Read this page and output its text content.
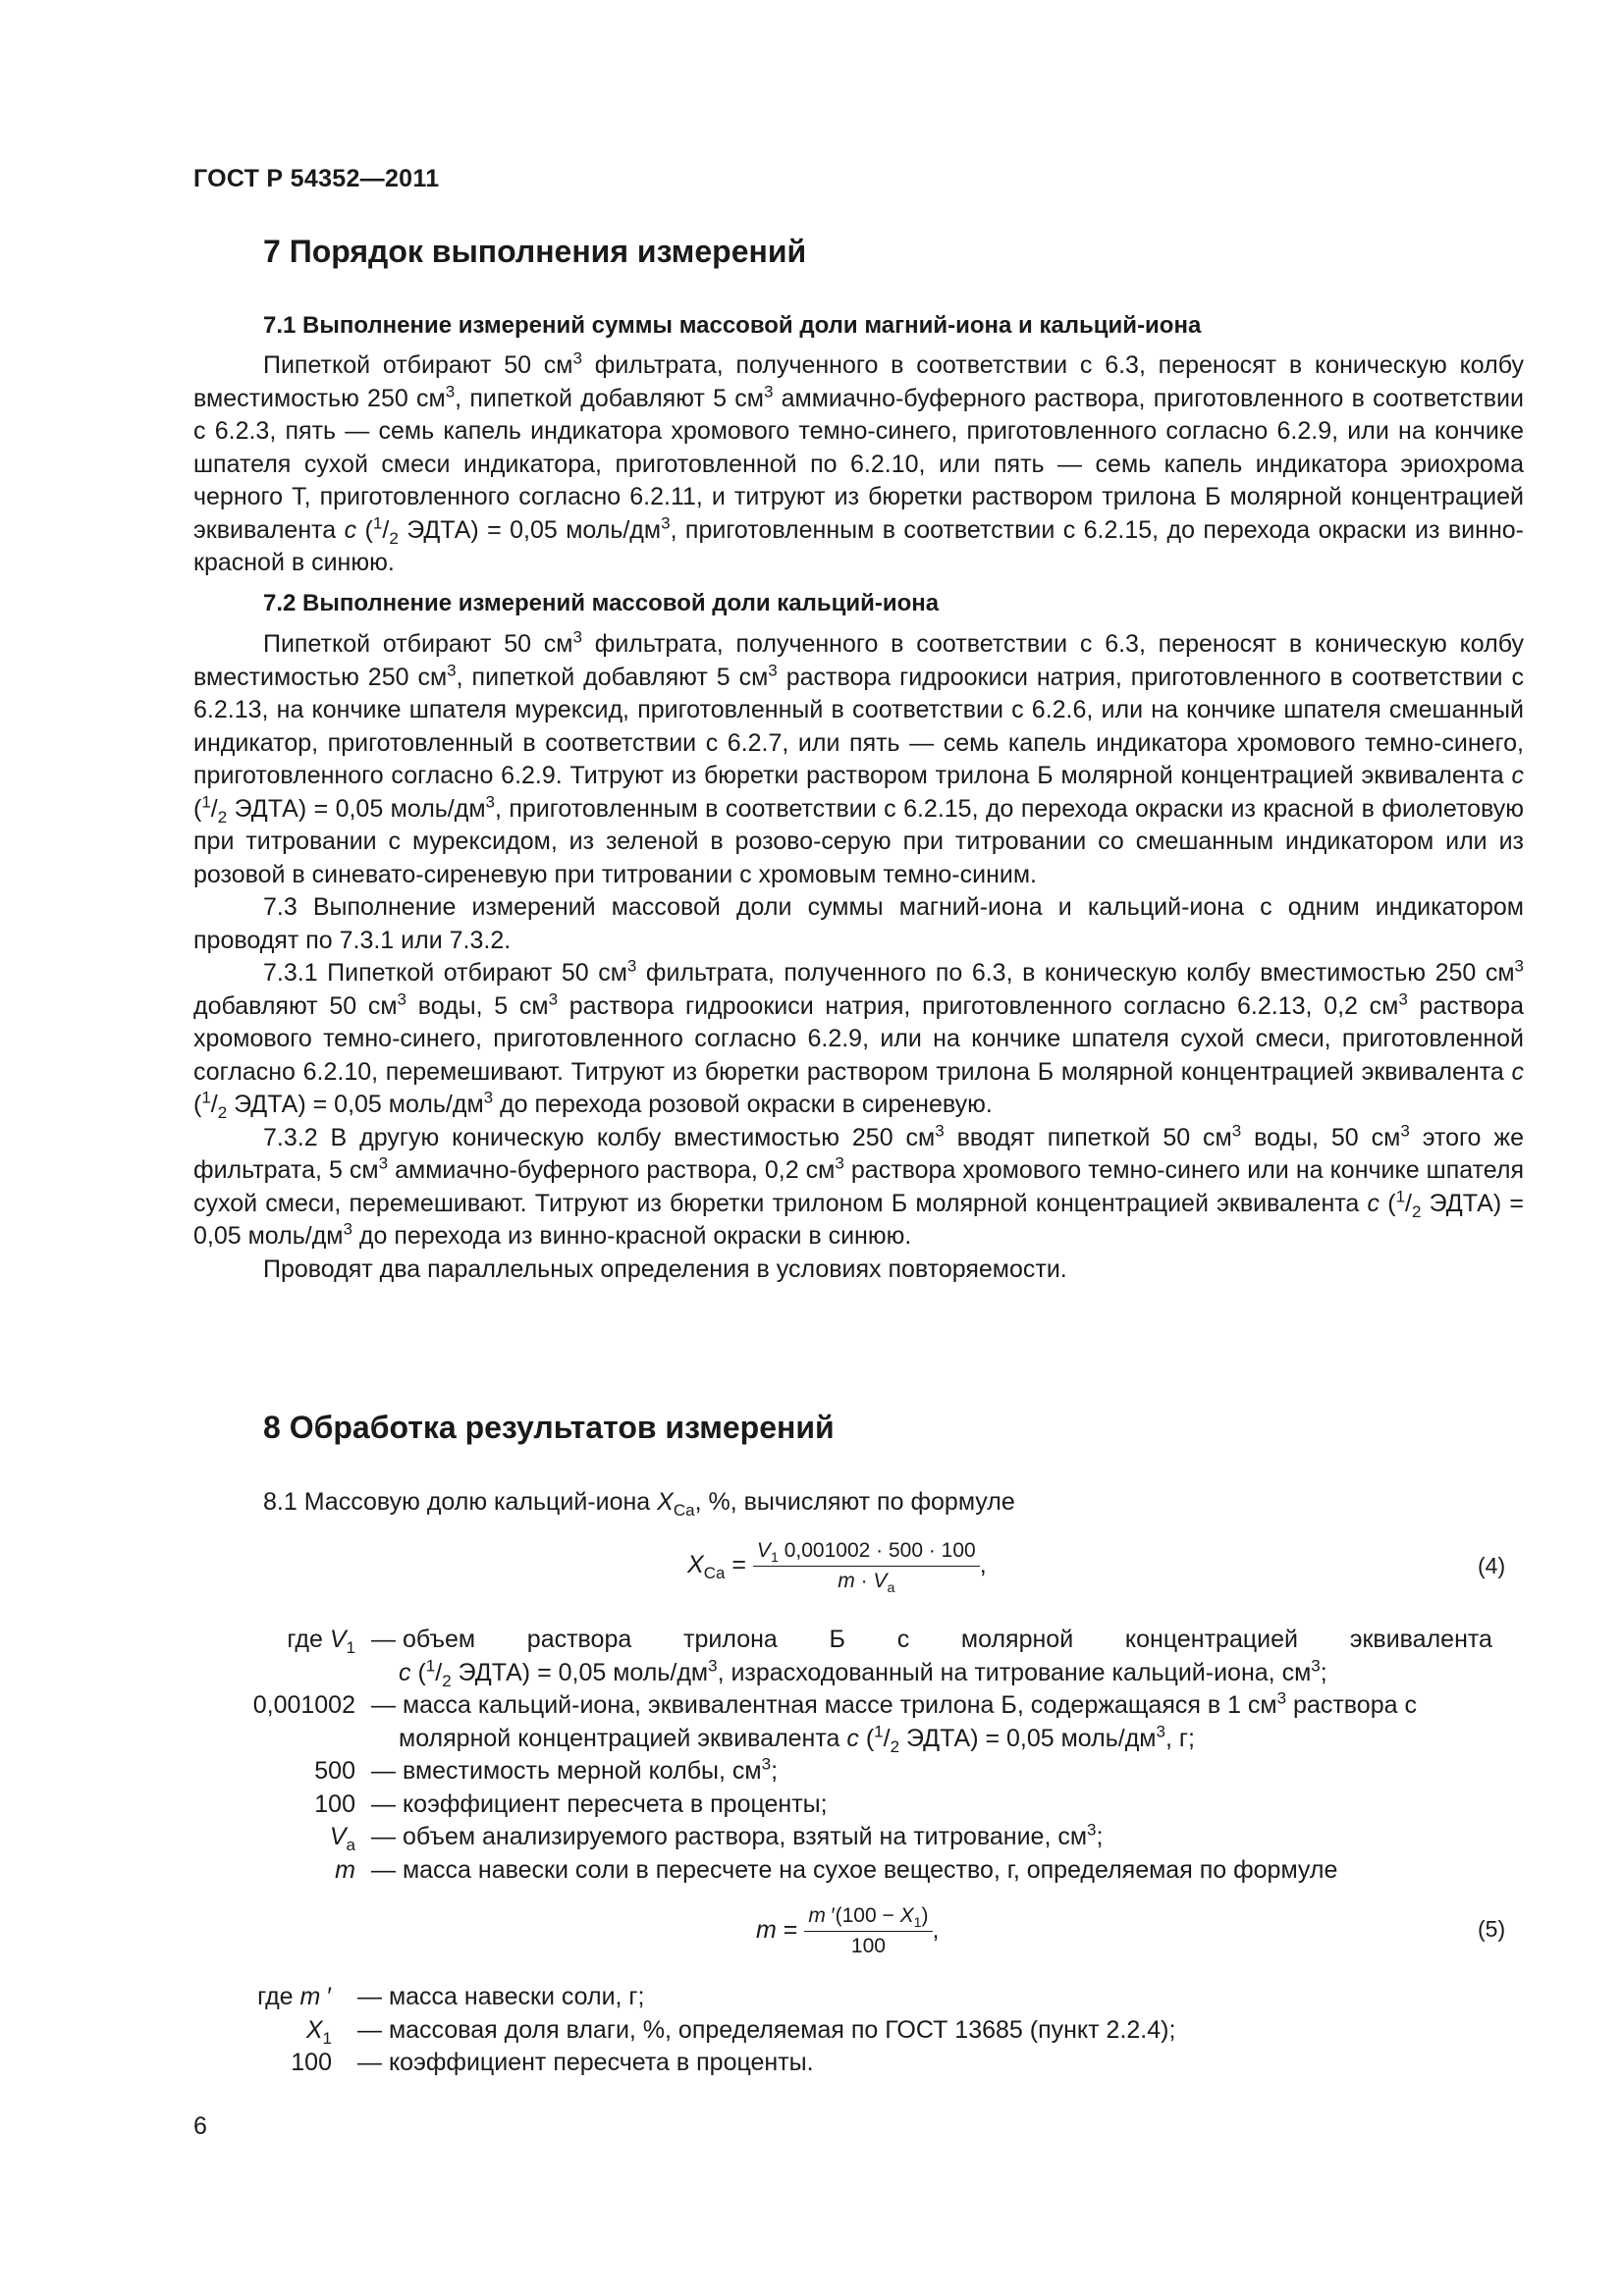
ГОСТ Р 54352—2011
7 Порядок выполнения измерений
7.1 Выполнение измерений суммы массовой доли магний-иона и кальций-иона

Пипеткой отбирают 50 $см^3$ фильтрата, полученного в соответствии с 6.3, переносят в коническую колбу вместимостью 250 $см^3$, пипеткой добавляют 5 $см^3$ аммиачно-буферного раствора, приготовленного в соответствии с 6.2.3, пять — семь капель индикатора хромового темно-синего, приготовленного согласно 6.2.9, или на кончике шпателя сухой смеси индикатора, приготовленной по 6.2.10, или пять — семь капель индикатора эриохрома черного Т, приготовленного согласно 6.2.11, и титруют из бюретки раствором трилона Б молярной концентрацией эквивалента c ($^1/_2$ ЭДТА) = 0,05 моль/$дм^3$, приготовленным в соответствии с 6.2.15, до перехода окраски из винно-красной в синюю.

7.2 Выполнение измерений массовой доли кальций-иона

Пипеткой отбирают 50 $см^3$ фильтрата, полученного в соответствии с 6.3, переносят в коническую колбу вместимостью 250 $см^3$, пипеткой добавляют 5 $см^3$ раствора гидроокиси натрия, приготовленного в соответствии с 6.2.13, на кончике шпателя мурексид, приготовленный в соответствии с 6.2.6, или на кончике шпателя смешанный индикатор, приготовленный в соответствии с 6.2.7, или пять — семь капель индикатора хромового темно-синего, приготовленного согласно 6.2.9. Титруют из бюретки раствором трилона Б молярной концентрацией эквивалента c ($^1/_2$ ЭДТА) = 0,05 моль/$дм^3$, приготовленным в соответствии с 6.2.15, до перехода окраски из красной в фиолетовую при титровании с мурексидом, из зеленой в розово-серую при титровании со смешанным индикатором или из розовой в синевато-сиреневую при титровании с хромовым темно-синим.

7.3 Выполнение измерений массовой доли суммы магний-иона и кальций-иона с одним индикатором проводят по 7.3.1 или 7.3.2.

7.3.1 Пипеткой отбирают 50 $см^3$ фильтрата, полученного по 6.3, в коническую колбу вместимостью 250 $см^3$ добавляют 50 $см^3$ воды, 5 $см^3$ раствора гидроокиси натрия, приготовленного согласно 6.2.13, 0,2 $см^3$ раствора хромового темно-синего, приготовленного согласно 6.2.9, или на кончике шпателя сухой смеси, приготовленной согласно 6.2.10, перемешивают. Титруют из бюретки раствором трилона Б молярной концентрацией эквивалента c ($^1/_2$ ЭДТА) = 0,05 моль/$дм^3$ до перехода розовой окраски в сиреневую.

7.3.2 В другую коническую колбу вместимостью 250 $см^3$ вводят пипеткой 50 $см^3$ воды, 50 $см^3$ этого же фильтрата, 5 $см^3$ аммиачно-буферного раствора, 0,2 $см^3$ раствора хромового темно-синего или на кончике шпателя сухой смеси, перемешивают. Титруют из бюретки трилоном Б молярной концентрацией эквивалента c ($^1/_2$ ЭДТА) = 0,05 моль/$дм^3$ до перехода из винно-красной окраски в синюю.

Проводят два параллельных определения в условиях повторяемости.

8 Обработка результатов измерений

8.1 Массовую долю кальций-иона $X_{Ca}$, %, вычисляют по формуле

$X_{Ca} = \frac{V_1 0,001002 \cdot 500 \cdot 100}{m \cdot V_a}$ ,	(4)
где $V_1$ — объем раствора трилона Б с молярной концентрацией эквивалента
c ($^1/_2$ ЭДТА) = 0,05 моль/$дм^3$, израсходованный на титрование кальций-иона, $см^3$;
0,001002 — масса кальций-иона, эквивалентная массе трилона Б, содержащаяся в 1 $см^3$ раствора с
молярной концентрацией эквивалента c ($^1/_2$ ЭДТА) = 0,05 моль/$дм^3$, г;
500 — вместимость мерной колбы, $см^3$;
100 — коэффициент пересчета в проценты;
$V_а$ — объем анализируемого раствора, взятый на титрование, $см^3$;
m — масса навески соли в пересчете на сухое вещество, г, определяемая по формуле
$m = \frac{m '(100 - X_1)}{100}$ ,	(5)
где m ′ — масса навески соли, г;
$X_1$ — массовая доля влаги, %, определяемая по ГОСТ 13685 (пункт 2.2.4);
100 — коэффициент пересчета в проценты.
6
